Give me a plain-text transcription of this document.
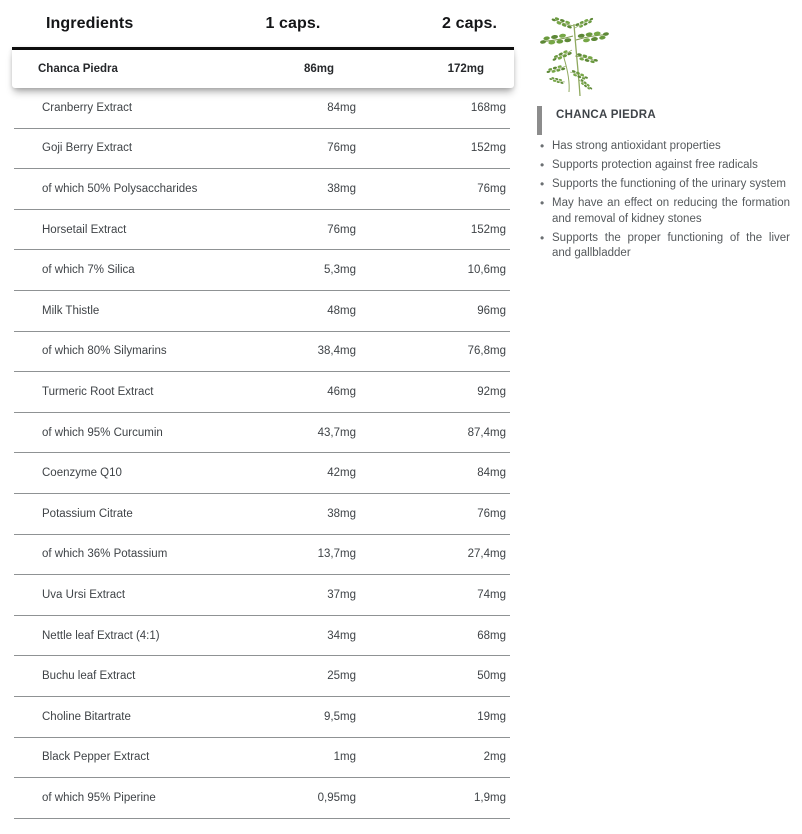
Ingredients	1 caps.	2 caps.
Chanca Piedra	86mg	172mg
Cranberry Extract	84mg	168mg
Goji Berry Extract	76mg	152mg
of which 50% Polysaccharides	38mg	76mg
Horsetail Extract	76mg	152mg
of which 7% Silica	5,3mg	10,6mg
Milk Thistle	48mg	96mg
of which 80% Silymarins	38,4mg	76,8mg
Turmeric Root Extract	46mg	92mg
of which 95% Curcumin	43,7mg	87,4mg
Coenzyme Q10	42mg	84mg
Potassium Citrate	38mg	76mg
of which 36% Potassium	13,7mg	27,4mg
Uva Ursi Extract	37mg	74mg
Nettle leaf Extract (4:1)	34mg	68mg
Buchu leaf Extract	25mg	50mg
Choline Bitartrate	9,5mg	19mg
Black Pepper Extract	1mg	2mg
of which 95% Piperine	0,95mg	1,9mg
CHANCA PIEDRA
• Has strong antioxidant properties
• Supports protection against free radicals
• Supports the functioning of the urinary system
• May have an effect on reducing the formation and removal of kidney stones
• Supports the proper functioning of the liver and gallbladder
